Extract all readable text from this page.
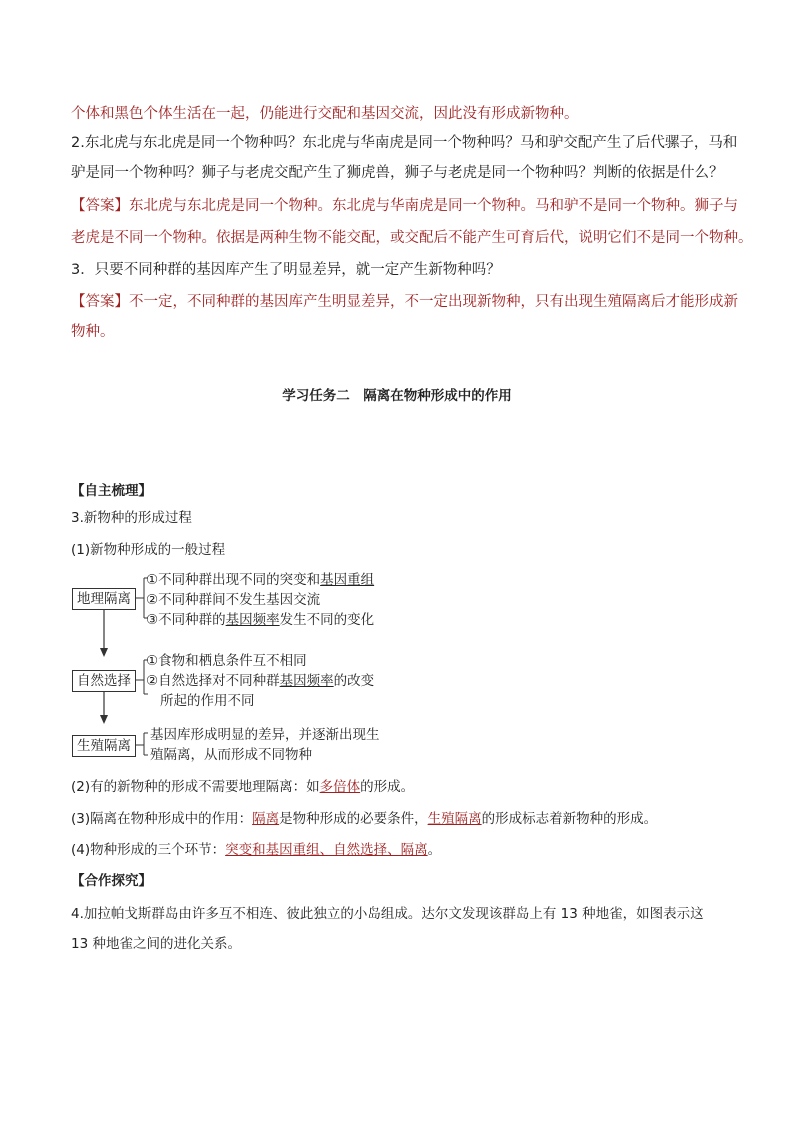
个体和黑色个体生活在一起，仍能进行交配和基因交流，因此没有形成新物种。
2.东北虎与东北虎是同一个物种吗？东北虎与华南虎是同一个物种吗？马和驴交配产生了后代骡子，马和
驴是同一个物种吗？狮子与老虎交配产生了狮虎兽，狮子与老虎是同一个物种吗？判断的依据是什么？
【答案】东北虎与东北虎是同一个物种。东北虎与华南虎是同一个物种。马和驴不是同一个物种。狮子与
老虎是不同一个物种。依据是两种生物不能交配，或交配后不能产生可育后代，说明它们不是同一个物种。
3．只要不同种群的基因库产生了明显差异，就一定产生新物种吗？
【答案】不一定，不同种群的基因库产生明显差异，不一定出现新物种，只有出现生殖隔离后才能形成新
物种。
学习任务二　隔离在物种形成中的作用
【自主梳理】
3.新物种的形成过程
(1)新物种形成的一般过程
地理隔离
①不同种群出现不同的突变和基因重组
②不同种群间不发生基因交流
③不同种群的基因频率发生不同的变化
自然选择
①食物和栖息条件互不相同
②自然选择对不同种群基因频率的改变
所起的作用不同
生殖隔离
基因库形成明显的差异，并逐渐出现生
殖隔离，从而形成不同物种
(2)有的新物种的形成不需要地理隔离：如多倍体的形成。
(3)隔离在物种形成中的作用：隔离是物种形成的必要条件，生殖隔离的形成标志着新物种的形成。
(4)物种形成的三个环节：突变和基因重组、自然选择、隔离。
【合作探究】
4.加拉帕戈斯群岛由许多互不相连、彼此独立的小岛组成。达尔文发现该群岛上有 13 种地雀，如图表示这
13 种地雀之间的进化关系。
